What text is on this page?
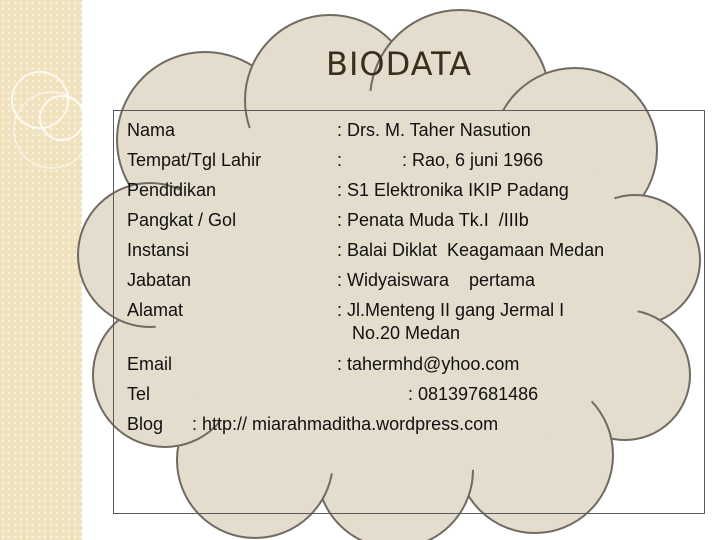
BIODATA
Nama	: Drs. M. Taher Nasution
Tempat/Tgl Lahir	:            : Rao, 6 juni 1966
Pendidikan	: S1 Elektronika IKIP Padang
Pangkat / Gol	: Penata Muda Tk.I  /IIIb
Instansi	: Balai Diklat  Keagamaan Medan
Jabatan	: Widyaiswara    pertama
Alamat	: Jl.Menteng II gang Jermal I
No.20 Medan
Email	: tahermhd@yhoo.com
Tel	: 081397681486
Blog : http:// miarahmaditha.wordpress.com
